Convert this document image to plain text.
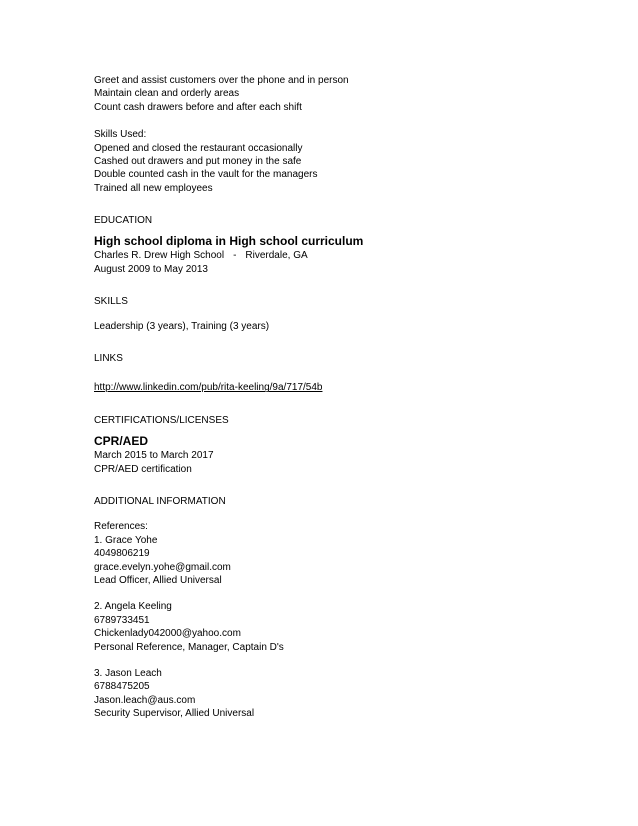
Greet and assist customers over the phone and in person
Maintain clean and orderly areas
Count cash drawers before and after each shift
Skills Used:
Opened and closed the restaurant occasionally
Cashed out drawers and put money in the safe
Double counted cash in the vault for the managers
Trained all new employees
EDUCATION
High school diploma in High school curriculum
Charles R. Drew High School - Riverdale, GA
August 2009 to May 2013
SKILLS
Leadership (3 years), Training (3 years)
LINKS
http://www.linkedin.com/pub/rita-keeling/9a/717/54b
CERTIFICATIONS/LICENSES
CPR/AED
March 2015 to March 2017
CPR/AED certification
ADDITIONAL INFORMATION
References:
1. Grace Yohe
4049806219
grace.evelyn.yohe@gmail.com
Lead Officer, Allied Universal
2. Angela Keeling
6789733451
Chickenlady042000@yahoo.com
Personal Reference, Manager, Captain D's
3. Jason Leach
6788475205
Jason.leach@aus.com
Security Supervisor, Allied Universal
